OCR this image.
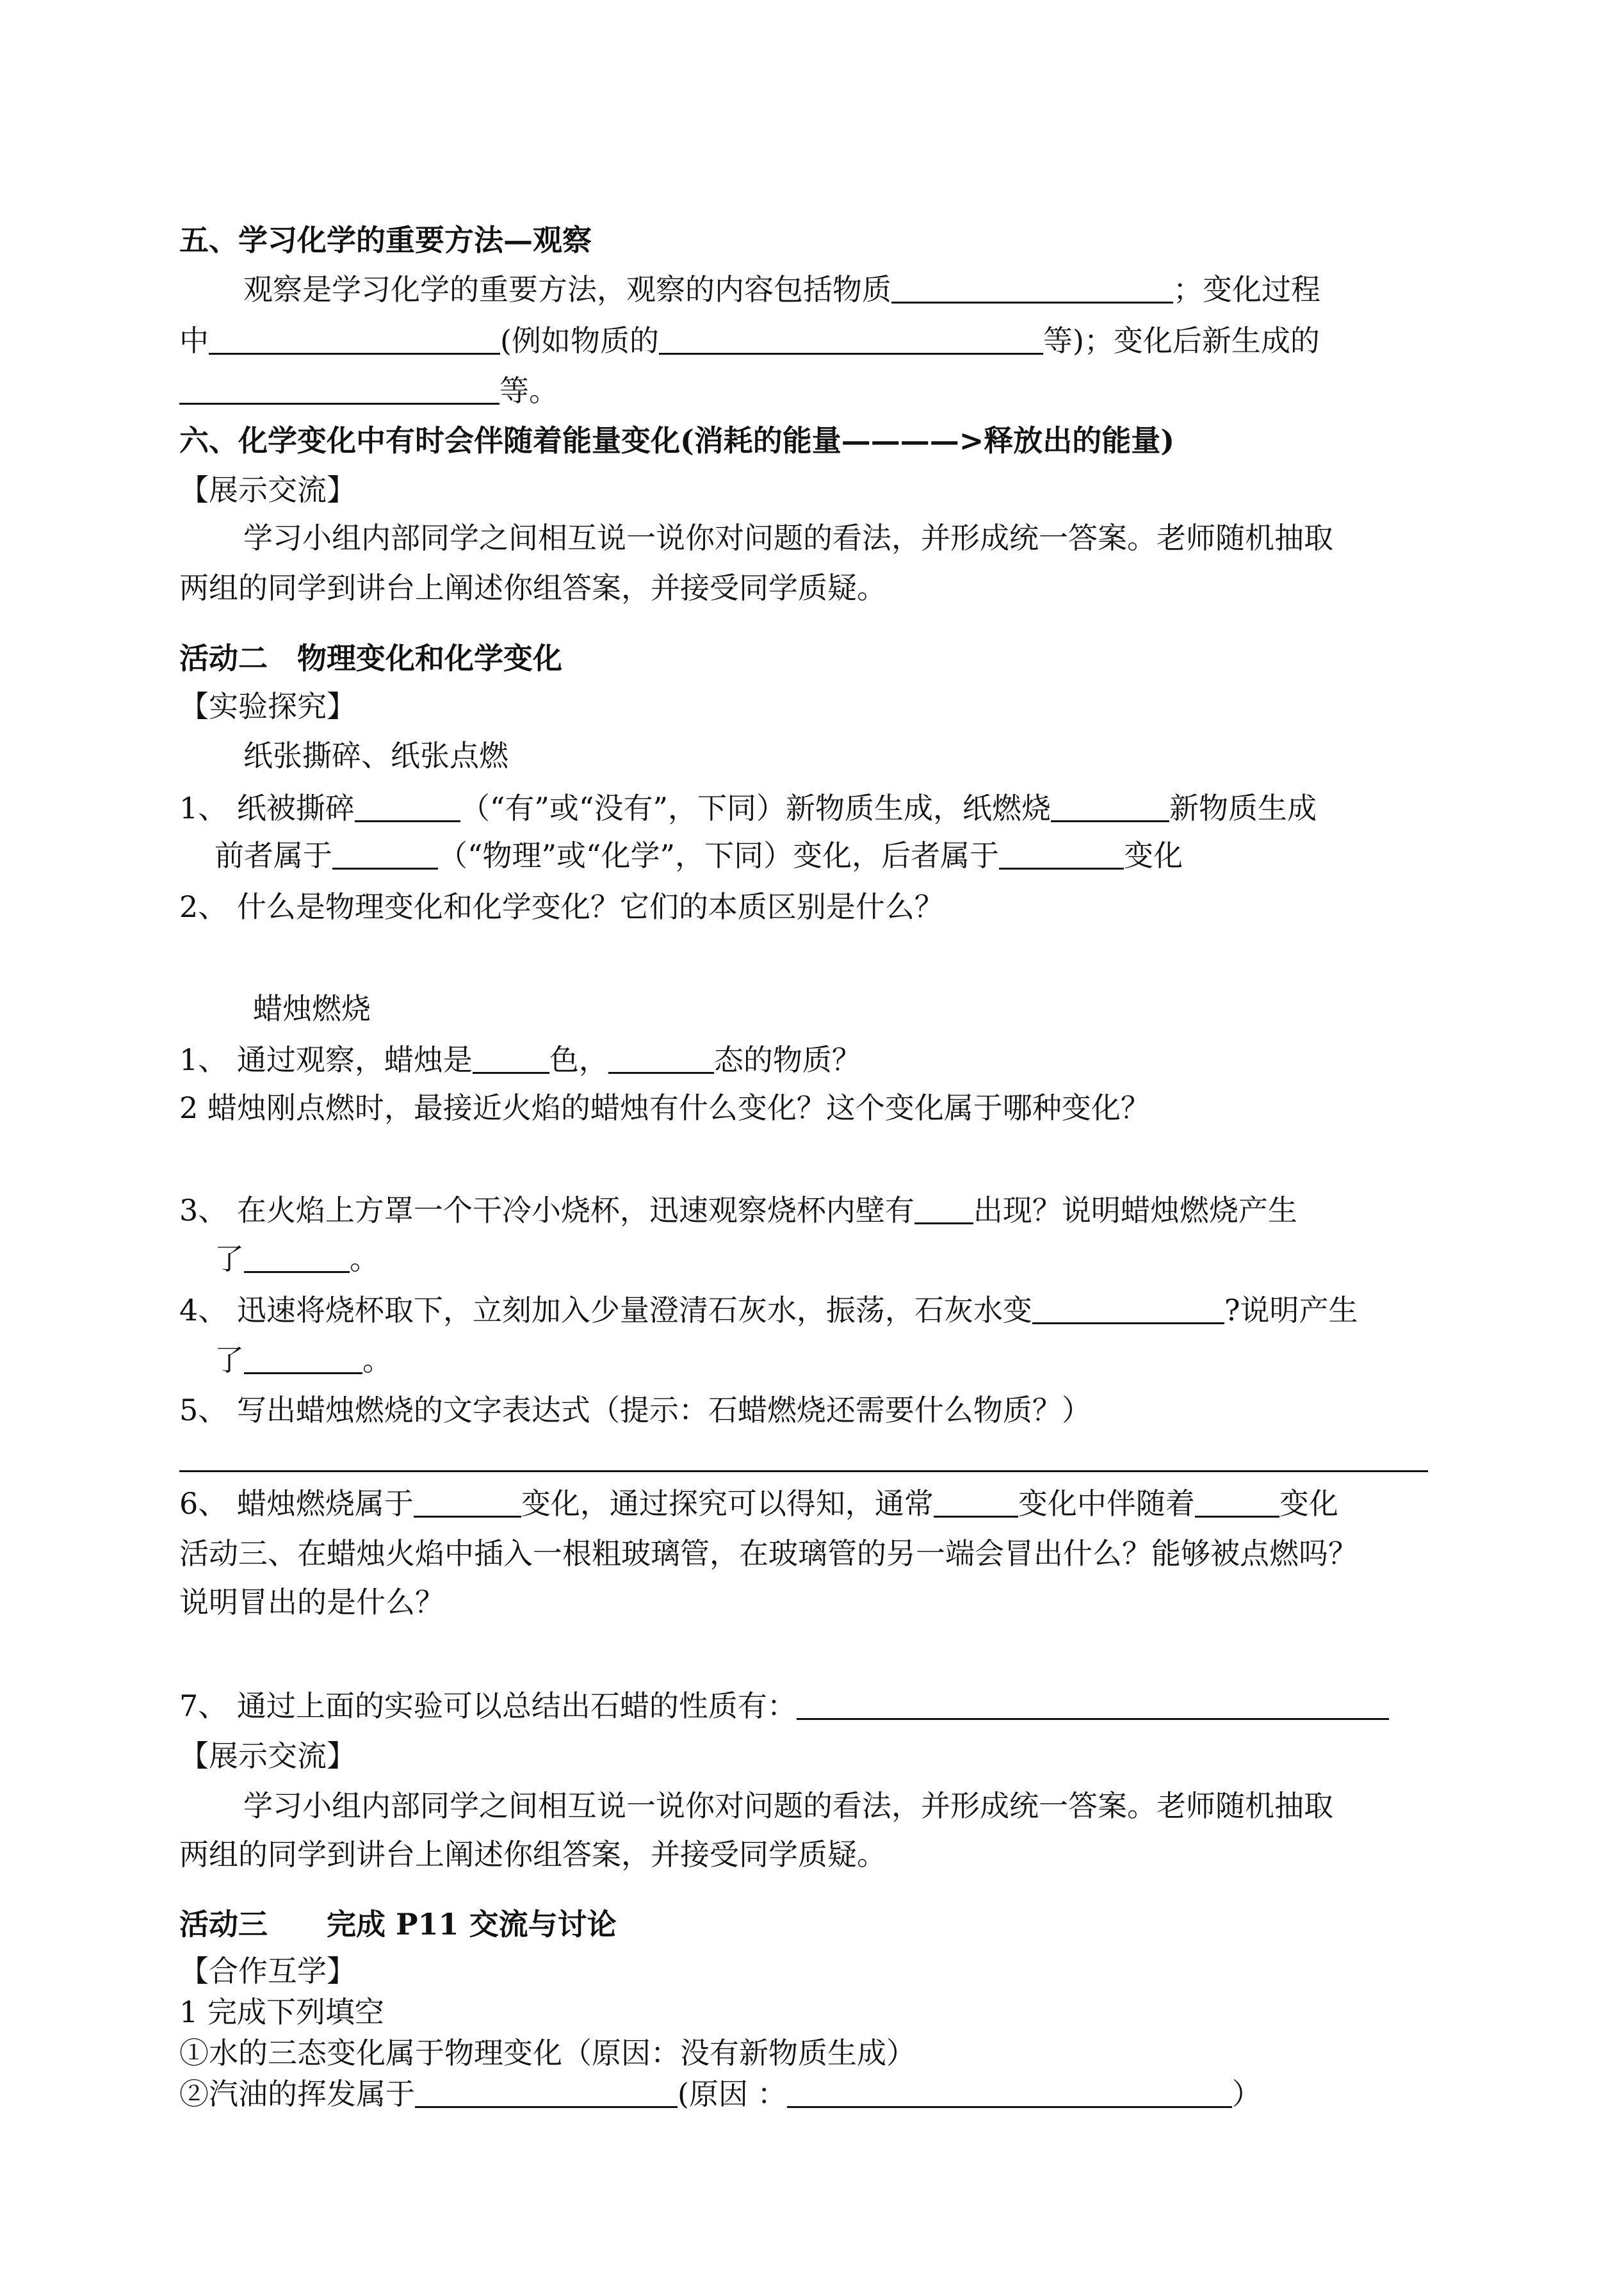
五、学习化学的重要方法—观察
观察是学习化学的重要方法，观察的内容包括物质	；变化过程
中	(例如物质的	等)；变化后新生成的
等。
六、化学变化中有时会伴随着能量变化(消耗的能量————>释放出的能量)
【展示交流】
学习小组内部同学之间相互说一说你对问题的看法，并形成统一答案。老师随机抽取
两组的同学到讲台上阐述你组答案，并接受同学质疑。
活动二　物理变化和化学变化
【实验探究】
纸张撕碎、纸张点燃
1、 纸被撕碎	（“有”或“没有”，下同）新物质生成，纸燃烧	新物质生成
前者属于	（“物理”或“化学”，下同）变化，后者属于	变化
2、 什么是物理变化和化学变化？它们的本质区别是什么？
蜡烛燃烧
1、 通过观察，蜡烛是	色，	态的物质？
2 蜡烛刚点燃时，最接近火焰的蜡烛有什么变化？这个变化属于哪种变化？
3、 在火焰上方罩一个干冷小烧杯，迅速观察烧杯内壁有 出现？说明蜡烛燃烧产生
了	。
4、 迅速将烧杯取下，立刻加入少量澄清石灰水，振荡，石灰水变	?说明产生
了	。
5、 写出蜡烛燃烧的文字表达式（提示：石蜡燃烧还需要什么物质？）
6、 蜡烛燃烧属于	变化，通过探究可以得知，通常	变化中伴随着	变化
活动三、在蜡烛火焰中插入一根粗玻璃管，在玻璃管的另一端会冒出什么？能够被点燃吗？
说明冒出的是什么？
7、 通过上面的实验可以总结出石蜡的性质有：
【展示交流】
学习小组内部同学之间相互说一说你对问题的看法，并形成统一答案。老师随机抽取
两组的同学到讲台上阐述你组答案，并接受同学质疑。
活动三　　完成 P11 交流与讨论
【合作互学】
1 完成下列填空
①水的三态变化属于物理变化（原因：没有新物质生成）
②汽油的挥发属于	(原因 ：	）
